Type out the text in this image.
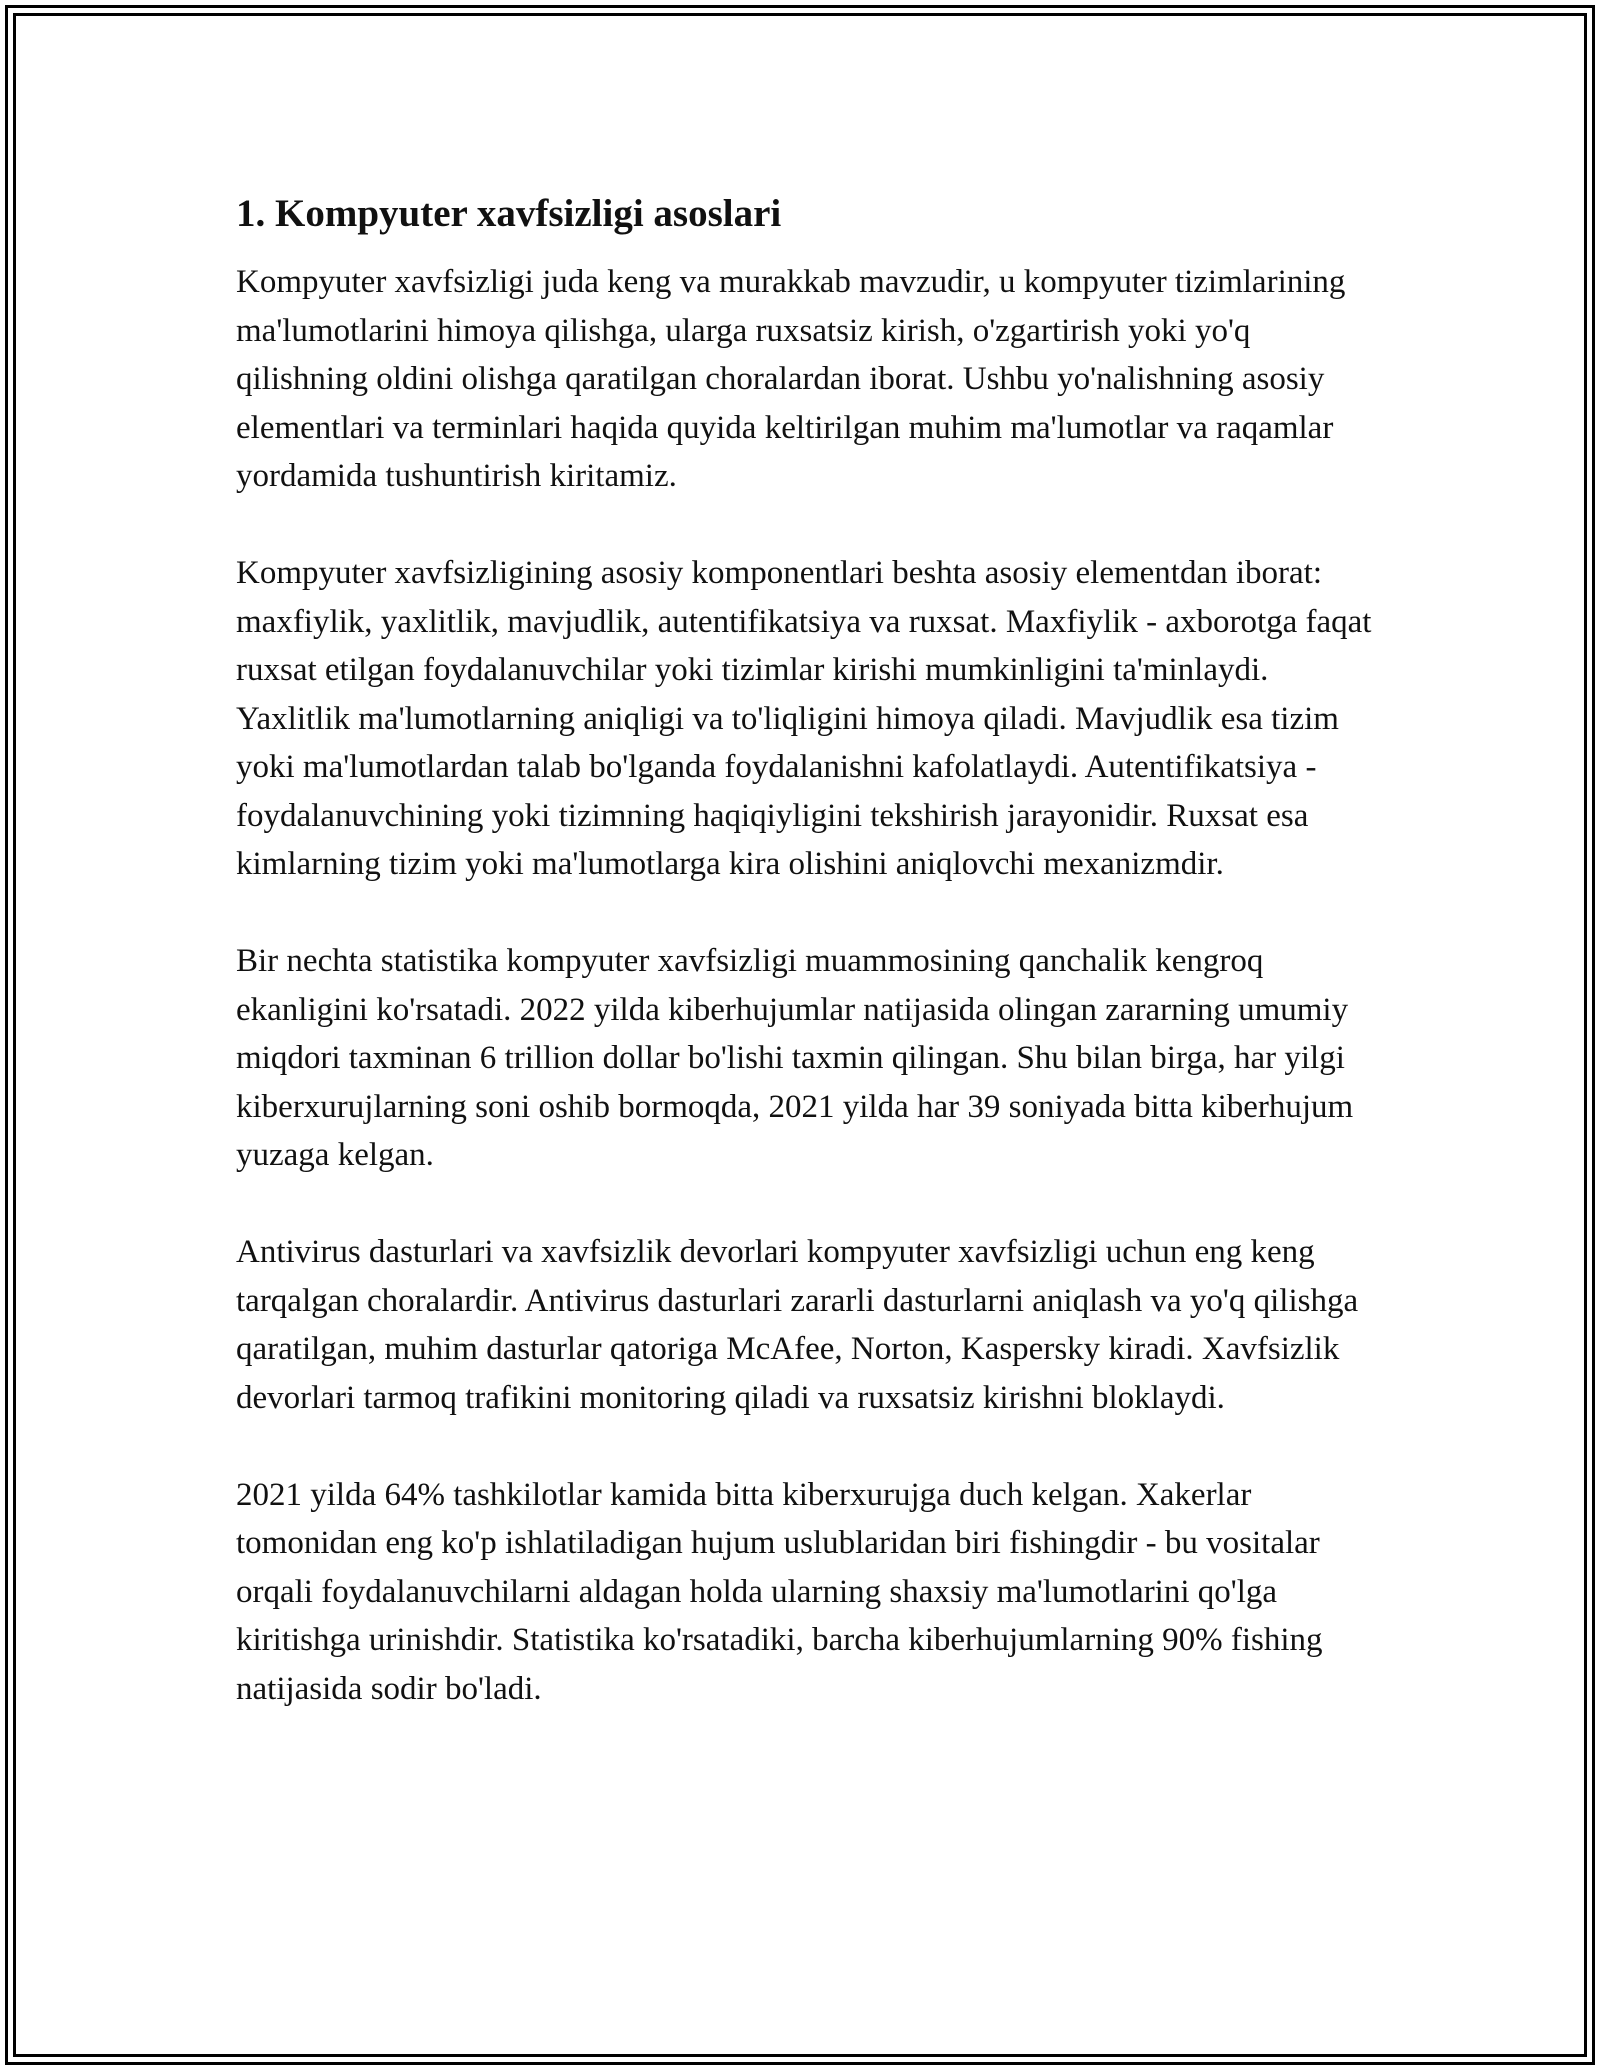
1. Kompyuter xavfsizligi asoslari

Kompyuter xavfsizligi juda keng va murakkab mavzudir, u kompyuter tizimlarining ma'lumotlarini himoya qilishga, ularga ruxsatsiz kirish, o'zgartirish yoki yo'q qilishning oldini olishga qaratilgan choralardan iborat. Ushbu yo'nalishning asosiy elementlari va terminlari haqida quyida keltirilgan muhim ma'lumotlar va raqamlar yordamida tushuntirish kiritamiz.

Kompyuter xavfsizligining asosiy komponentlari beshta asosiy elementdan iborat: maxfiylik, yaxlitlik, mavjudlik, autentifikatsiya va ruxsat. Maxfiylik - axborotga faqat ruxsat etilgan foydalanuvchilar yoki tizimlar kirishi mumkinligini ta'minlaydi. Yaxlitlik ma'lumotlarning aniqligi va to'liqligini himoya qiladi. Mavjudlik esa tizim yoki ma'lumotlardan talab bo'lganda foydalanishni kafolatlaydi. Autentifikatsiya - foydalanuvchining yoki tizimning haqiqiyligini tekshirish jarayonidir. Ruxsat esa kimlarning tizim yoki ma'lumotlarga kira olishini aniqlovchi mexanizmdir.

Bir nechta statistika kompyuter xavfsizligi muammosining qanchalik kengroq ekanligini ko'rsatadi. 2022 yilda kiberhujumlar natijasida olingan zararning umumiy miqdori taxminan 6 trillion dollar bo'lishi taxmin qilingan. Shu bilan birga, har yilgi kiberxurujlarning soni oshib bormoqda, 2021 yilda har 39 soniyada bitta kiberhujum yuzaga kelgan.

Antivirus dasturlari va xavfsizlik devorlari kompyuter xavfsizligi uchun eng keng tarqalgan choralardir. Antivirus dasturlari zararli dasturlarni aniqlash va yo'q qilishga qaratilgan, muhim dasturlar qatoriga McAfee, Norton, Kaspersky kiradi. Xavfsizlik devorlari tarmoq trafikini monitoring qiladi va ruxsatsiz kirishni bloklaydi.

2021 yilda 64% tashkilotlar kamida bitta kiberxurujga duch kelgan. Xakerlar tomonidan eng ko'p ishlatiladigan hujum uslublaridan biri fishingdir - bu vositalar orqali foydalanuvchilarni aldagan holda ularning shaxsiy ma'lumotlarini qo'lga kiritishga urinishdir. Statistika ko'rsatadiki, barcha kiberhujumlarning 90% fishing natijasida sodir bo'ladi.
